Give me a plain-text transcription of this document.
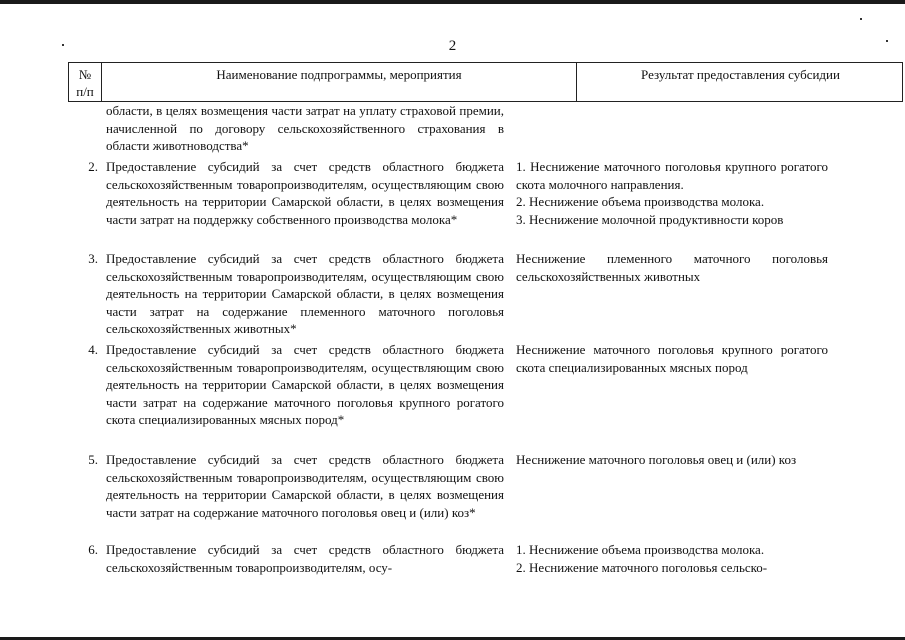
2
№
п/п
Наименование подпрограммы, мероприятия	Результат предоставления субсидии
области, в целях возмещения части затрат на уплату страховой премии, начисленной по договору сельскохозяйственного страхования в области животноводства*
2. Предоставление субсидий за счет средств областного бюджета сельскохозяйственным товаропроизводителям, осуществляющим свою деятельность на территории Самарской области, в целях возмещения части затрат на поддержку собственного производства молока*
1. Неснижение маточного поголовья крупного рогатого скота молочного направления.
2. Неснижение объема производства молока.
3. Неснижение молочной продуктивности коров
3. Предоставление субсидий за счет средств областного бюджета сельскохозяйственным товаропроизводителям, осуществляющим свою деятельность на территории Самарской области, в целях возмещения части затрат на содержание племенного маточного поголовья сельскохозяйственных животных*
Неснижение племенного маточного поголовья сельскохозяйственных животных
4. Предоставление субсидий за счет средств областного бюджета сельскохозяйственным товаропроизводителям, осуществляющим свою деятельность на территории Самарской области, в целях возмещения части затрат на содержание маточного поголовья крупного рогатого скота специализированных мясных пород*
Неснижение маточного поголовья крупного рогатого скота специализированных мясных пород
5. Предоставление субсидий за счет средств областного бюджета сельскохозяйственным товаропроизводителям, осуществляющим свою деятельность на территории Самарской области, в целях возмещения части затрат на содержание маточного поголовья овец и (или) коз*
Неснижение маточного поголовья овец и (или) коз
6. Предоставление субсидий за счет средств областного бюджета сельскохозяйственным товаропроизводителям, осу-
1. Неснижение объема производства молока.
2. Неснижение маточного поголовья сельско-
